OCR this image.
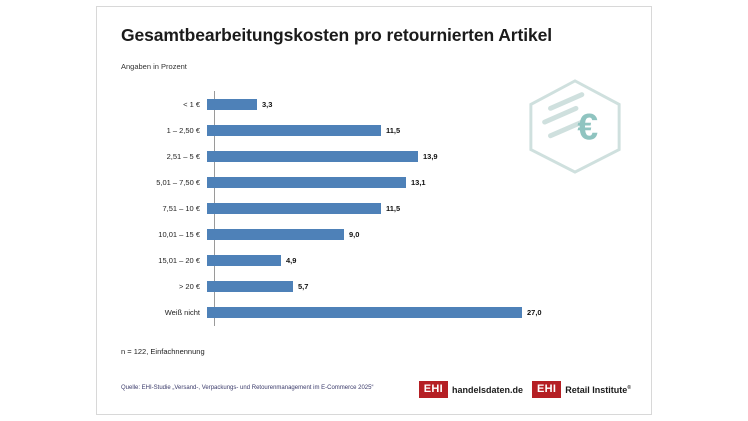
Gesamtbearbeitungskosten pro retournierten Artikel
Angaben in Prozent
€
< 1 €	3,3
1 – 2,50 €	11,5
2,51 – 5 €	13,9
5,01 – 7,50 €	13,1
7,51 – 10 €	11,5
10,01 – 15 €	9,0
15,01 – 20 €	4,9
> 20 €	5,7
Weiß nicht	27,0
n = 122, Einfachnennung
Quelle: EHI-Studie „Versand-, Verpackungs- und Retourenmanagement im E-Commerce 2025“	EHI	handelsdaten.de	EHI	Retail Institute®
